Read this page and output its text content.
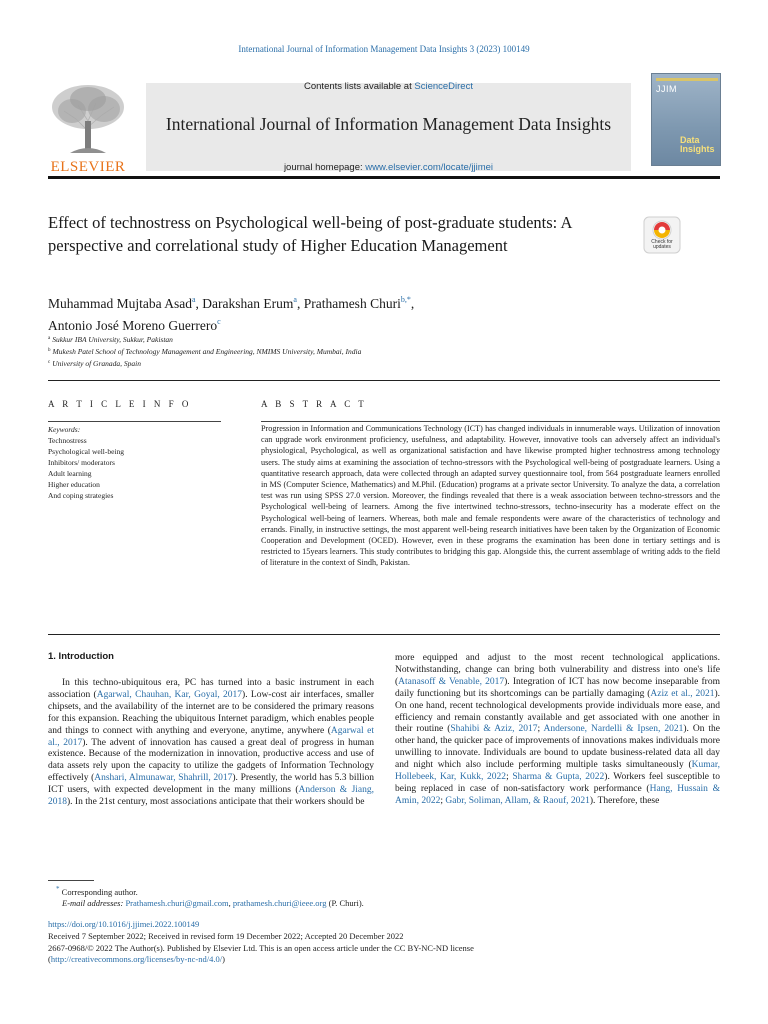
International Journal of Information Management Data Insights 3 (2023) 100149
ELSEVIER
Contents lists available at ScienceDirect
International Journal of Information Management Data Insights
journal homepage: www.elsevier.com/locate/jjimei
JJIM
Data
Insights
Effect of technostress on Psychological well-being of post-graduate students: A perspective and correlational study of Higher Education Management	Check for updates
Muhammad Mujtaba Asad$^a$, Darakshan Erum$^a$, Prathamesh Churi$^{b,*}$,
Antonio José Moreno Guerrero$^c$
$^a$ Sukkur IBA University, Sukkur, Pakistan
$^b$ Mukesh Patel School of Technology Management and Engineering, NMIMS University, Mumbai, India
$^c$ University of Granada, Spain
A R T I C L E I N F O	A B S T R A C T
Keywords:
Technostress
Psychological well-being
Inhibitors/ moderators
Adult learning
Higher education
And coping strategies
Progression in Information and Communications Technology (ICT) has changed individuals in innumerable ways. Utilization of innovation can upgrade work environment proficiency, usefulness, and adaptability. However, innovative tools can adversely affect an individual's physiological, Psychological, as well as organizational satisfaction and have likewise prompted higher technostress among technology users. The study aims at examining the association of techno-stressors with the Psychological well-being of postgraduate learners. Using a quantitative research approach, data were collected through an adapted survey questionnaire tool, from 564 postgraduate learners enrolled in MS (Computer Science, Mathematics) and M.Phil. (Education) programs at a private sector University. To analyze the data, a correlation test was run using SPSS 27.0 version. Moreover, the findings revealed that there is a weak association between techno-stressors and the Psychological well-being of learners. Among the five intertwined techno-stressors, techno-insecurity has a moderate effect on the Psychological well-being of learners. Whereas, both male and female respondents were aware of the characteristics of technology and errands. Finally, in instructive settings, the most apparent well-being research initiatives have been taken by the Organization of Economic Cooperation and Development (OCED). However, even in these programs the examination has been done in tertiary settings and is restricted to 15years learners. This study contributes to bridging this gap. Alongside this, the current assemblage of writing adds to the field of literature in the context of Sindh, Pakistan.
1. Introduction
In this techno-ubiquitous era, PC has turned into a basic instrument in each association (Agarwal, Chauhan, Kar, Goyal, 2017). Low-cost air interfaces, smaller chipsets, and the availability of the internet are to be considered the primary reasons for this expansion. Reaching the ubiquitous Internet paradigm, which enables people and things to connect with anything and everyone, anytime, anywhere (Agarwal et al., 2017). The advent of innovation has caused a great deal of progress in human existence. Because of the modernization in innovation, productive access and use of data assets rely upon the capacity to utilize the gadgets of Information Technology effectively (Anshari, Almunawar, Shahrill, 2017). Presently, the world has 5.3 billion ICT users, with expected development in the many millions (Anderson & Jiang, 2018). In the 21st century, most associations anticipate that their workers should be
more equipped and adjust to the most recent technological applications. Notwithstanding, change can bring both vulnerability and distress into one's life (Atanasoff & Venable, 2017). Integration of ICT has now become inseparable from daily functioning but its shortcomings can be partially damaging (Aziz et al., 2021). On one hand, recent technological developments provide individuals more ease, and efficiency and remain constantly available and get associated with one another in their routine (Shahibi & Aziz, 2017; Andersone, Nardelli & Ipsen, 2021). On the other hand, the quicker pace of improvements of innovations makes individuals more unwilling to innovate. Individuals are bound to update business-related data all day and night which also include performing multiple tasks simultaneously (Kumar, Hollebeek, Kar, Kukk, 2022; Sharma & Gupta, 2022). Workers feel susceptible to being replaced in case of non-satisfactory work performance (Hang, Hussain & Amin, 2022; Gabr, Soliman, Allam, & Raouf, 2021). Therefore, these
* Corresponding author.
E-mail addresses: Prathamesh.churi@gmail.com, prathamesh.churi@ieee.org (P. Churi).
https://doi.org/10.1016/j.jjimei.2022.100149
Received 7 September 2022; Received in revised form 19 December 2022; Accepted 20 December 2022
2667-0968/© 2022 The Author(s). Published by Elsevier Ltd. This is an open access article under the CC BY-NC-ND license
(http://creativecommons.org/licenses/by-nc-nd/4.0/)
